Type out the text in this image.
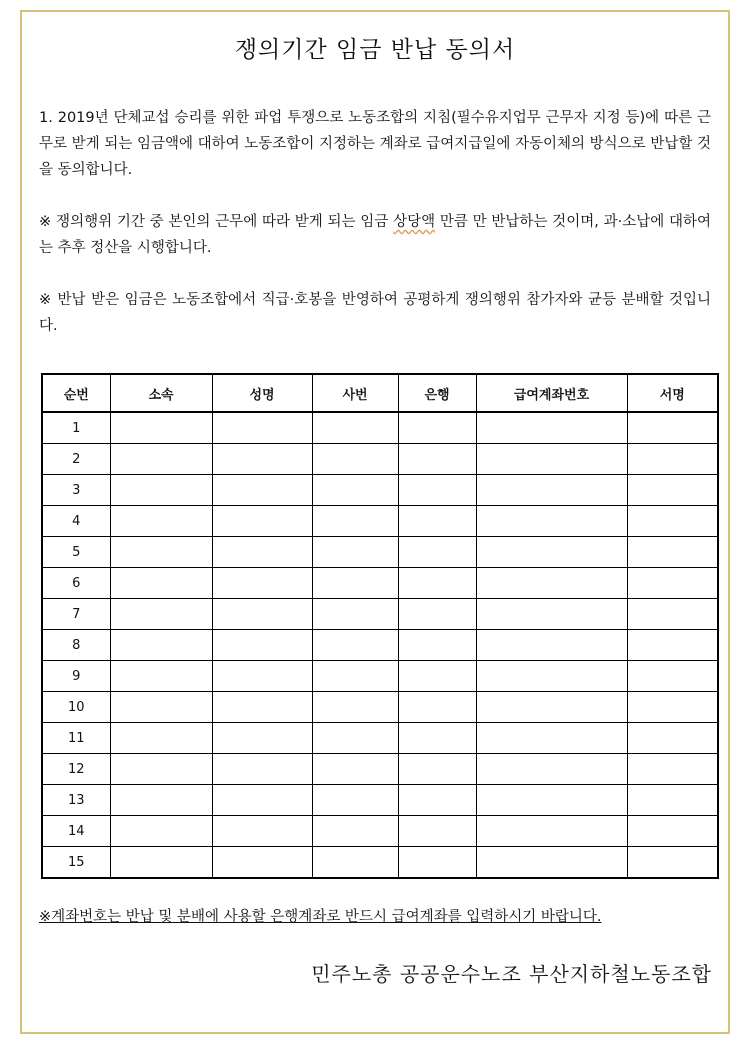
쟁의기간 임금 반납 동의서
1. 2019년 단체교섭 승리를 위한 파업 투쟁으로 노동조합의 지침(필수유지업무 근무자 지정 등)에 따른 근무로 받게 되는 임금액에 대하여 노동조합이 지정하는 계좌로 급여지급일에 자동이체의 방식으로 반납할 것을 동의합니다.
※ 쟁의행위 기간 중 본인의 근무에 따라 받게 되는 임금 상당액 만큼 만 반납하는 것이며, 과·소납에 대하여는 추후 정산을 시행합니다.
※ 반납 받은 임금은 노동조합에서 직급·호봉을 반영하여 공평하게 쟁의행위 참가자와 균등 분배할 것입니다.
순번	소속	성명	사번	은행	급여계좌번호	서명
1						
2						
3						
4						
5						
6						
7						
8						
9						
10						
11						
12						
13						
14						
15						
※계좌번호는 반납 및 분배에 사용할 은행계좌로 반드시 급여계좌를 입력하시기 바랍니다.
민주노총 공공운수노조 부산지하철노동조합
